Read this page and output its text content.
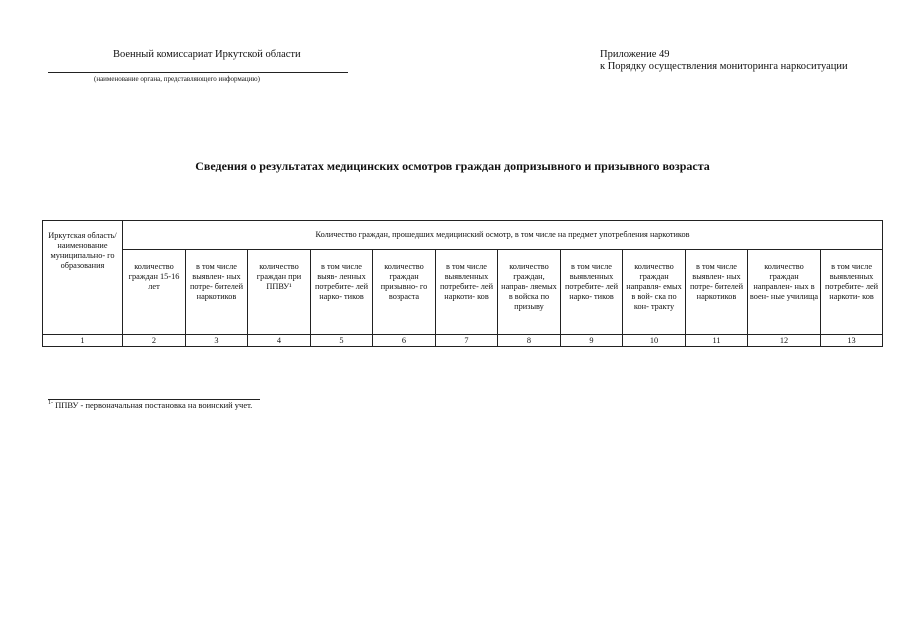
Военный комиссариат Иркутской области
(наименование органа, представляющего информацию)
Приложение 49
к Порядку осуществления мониторинга наркоситуации
Сведения о результатах медицинских осмотров граждан допризывного и призывного возраста
Иркутская область/ наименование муниципально- го образования	Количество граждан, прошедших медицинский осмотр, в том числе на предмет употребления наркотиков											
	количество граждан 15-16 лет	в том числе выявлен- ных потре- бителей наркотиков	количество граждан при ППВУ¹	в том числе выяв- ленных потребите- лей нарко- тиков	количество граждан призывно- го возраста	в том числе выявленных потребите- лей наркоти- ков	количество граждан, направ- ляемых в войска по призыву	в том числе выявленных потребите- лей нарко- тиков	количество граждан направля- емых в вой- ска по кон- тракту	в том числе выявлен- ных потре- бителей наркотиков	количество граждан направлен- ных в воен- ные училища	в том числе выявленных потребите- лей наркоти- ков
1	2	3	4	5	6	7	8	9	10	11	12	13
$^{1-}$ ППВУ - первоначальная постановка на воинский учет.
